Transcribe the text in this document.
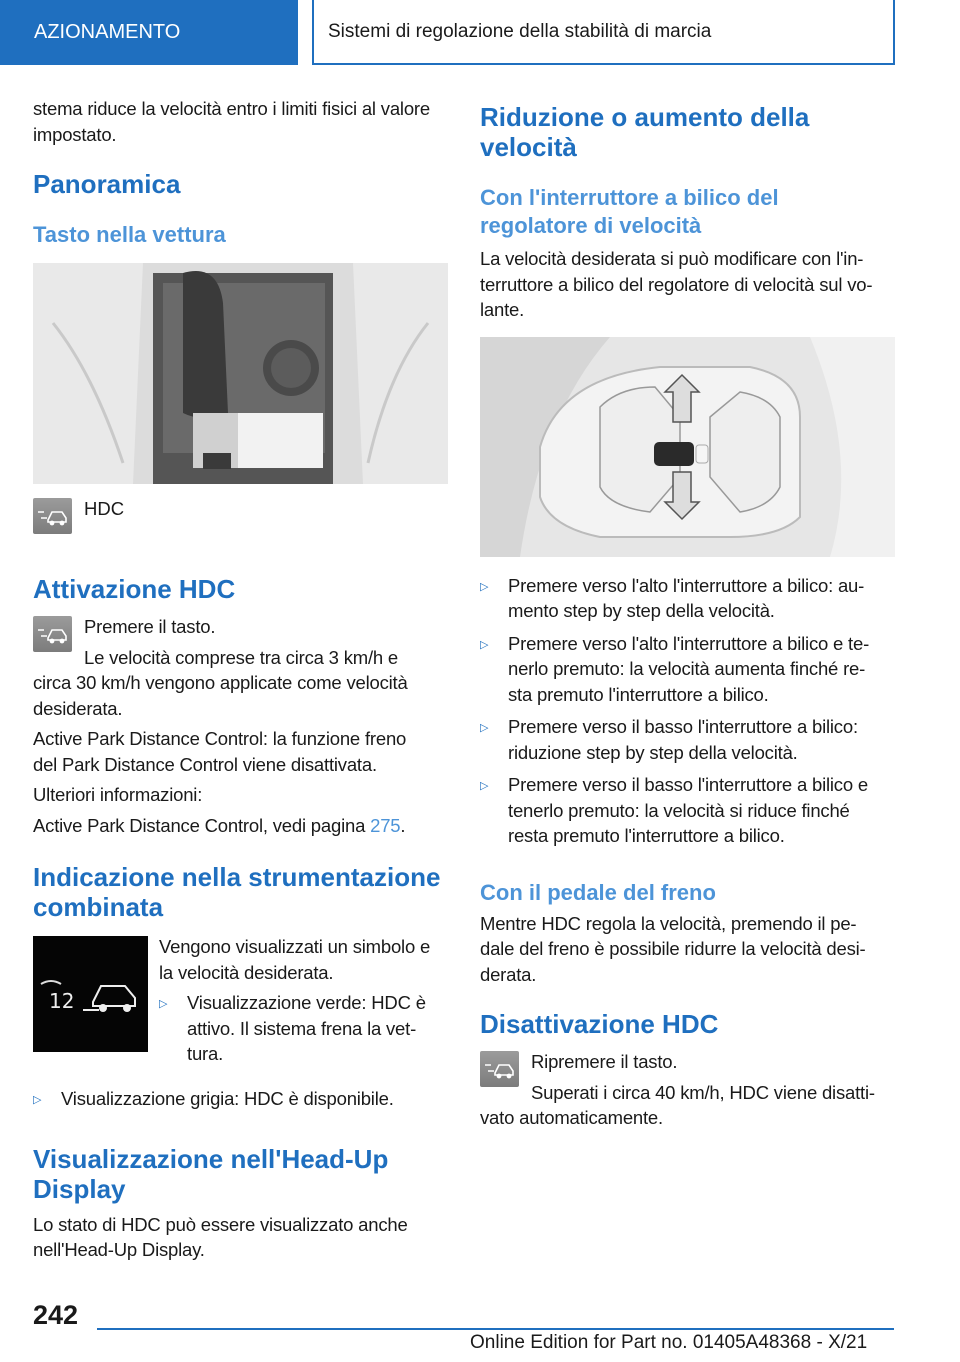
AZIONAMENTO	Sistemi di regolazione della stabilità di marcia

stema riduce la velocità entro i limiti fisici al valore
impostato.

Panoramica
Tasto nella vettura
HDC
Attivazione HDC

Premere il tasto.

Le velocità comprese tra circa 3 km/h e
circa 30 km/h vengono applicate come velocità
desiderata.

Active Park Distance Control: la funzione freno
del Park Distance Control viene disattivata.

Ulteriori informazioni:

Active Park Distance Control, vedi pagina 275.

Indicazione nella strumentazione
combinata
12

Vengono visualizzati un simbolo e
la velocità desiderata.

▷	Visualizzazione verde: HDC è
attivo. Il sistema frena la vet-
tura.
▷	Visualizzazione grigia: HDC è disponibile.
Visualizzazione nell'Head-Up
Display

Lo stato di HDC può essere visualizzato anche
nell'Head-Up Display.

Riduzione o aumento della
velocità
Con l'interruttore a bilico del
regolatore di velocità

La velocità desiderata si può modificare con l'in-
terruttore a bilico del regolatore di velocità sul vo-
lante.

▷	Premere verso l'alto l'interruttore a bilico: au-
mento step by step della velocità.
▷	Premere verso l'alto l'interruttore a bilico e te-
nerlo premuto: la velocità aumenta finché re-
sta premuto l'interruttore a bilico.
▷	Premere verso il basso l'interruttore a bilico:
riduzione step by step della velocità.
▷	Premere verso il basso l'interruttore a bilico e
tenerlo premuto: la velocità si riduce finché
resta premuto l'interruttore a bilico.
Con il pedale del freno

Mentre HDC regola la velocità, premendo il pe-
dale del freno è possibile ridurre la velocità desi-
derata.

Disattivazione HDC

Ripremere il tasto.

Superati i circa 40 km/h, HDC viene disatti-
vato automaticamente.

242
Online Edition for Part no. 01405A48368 - X/21
